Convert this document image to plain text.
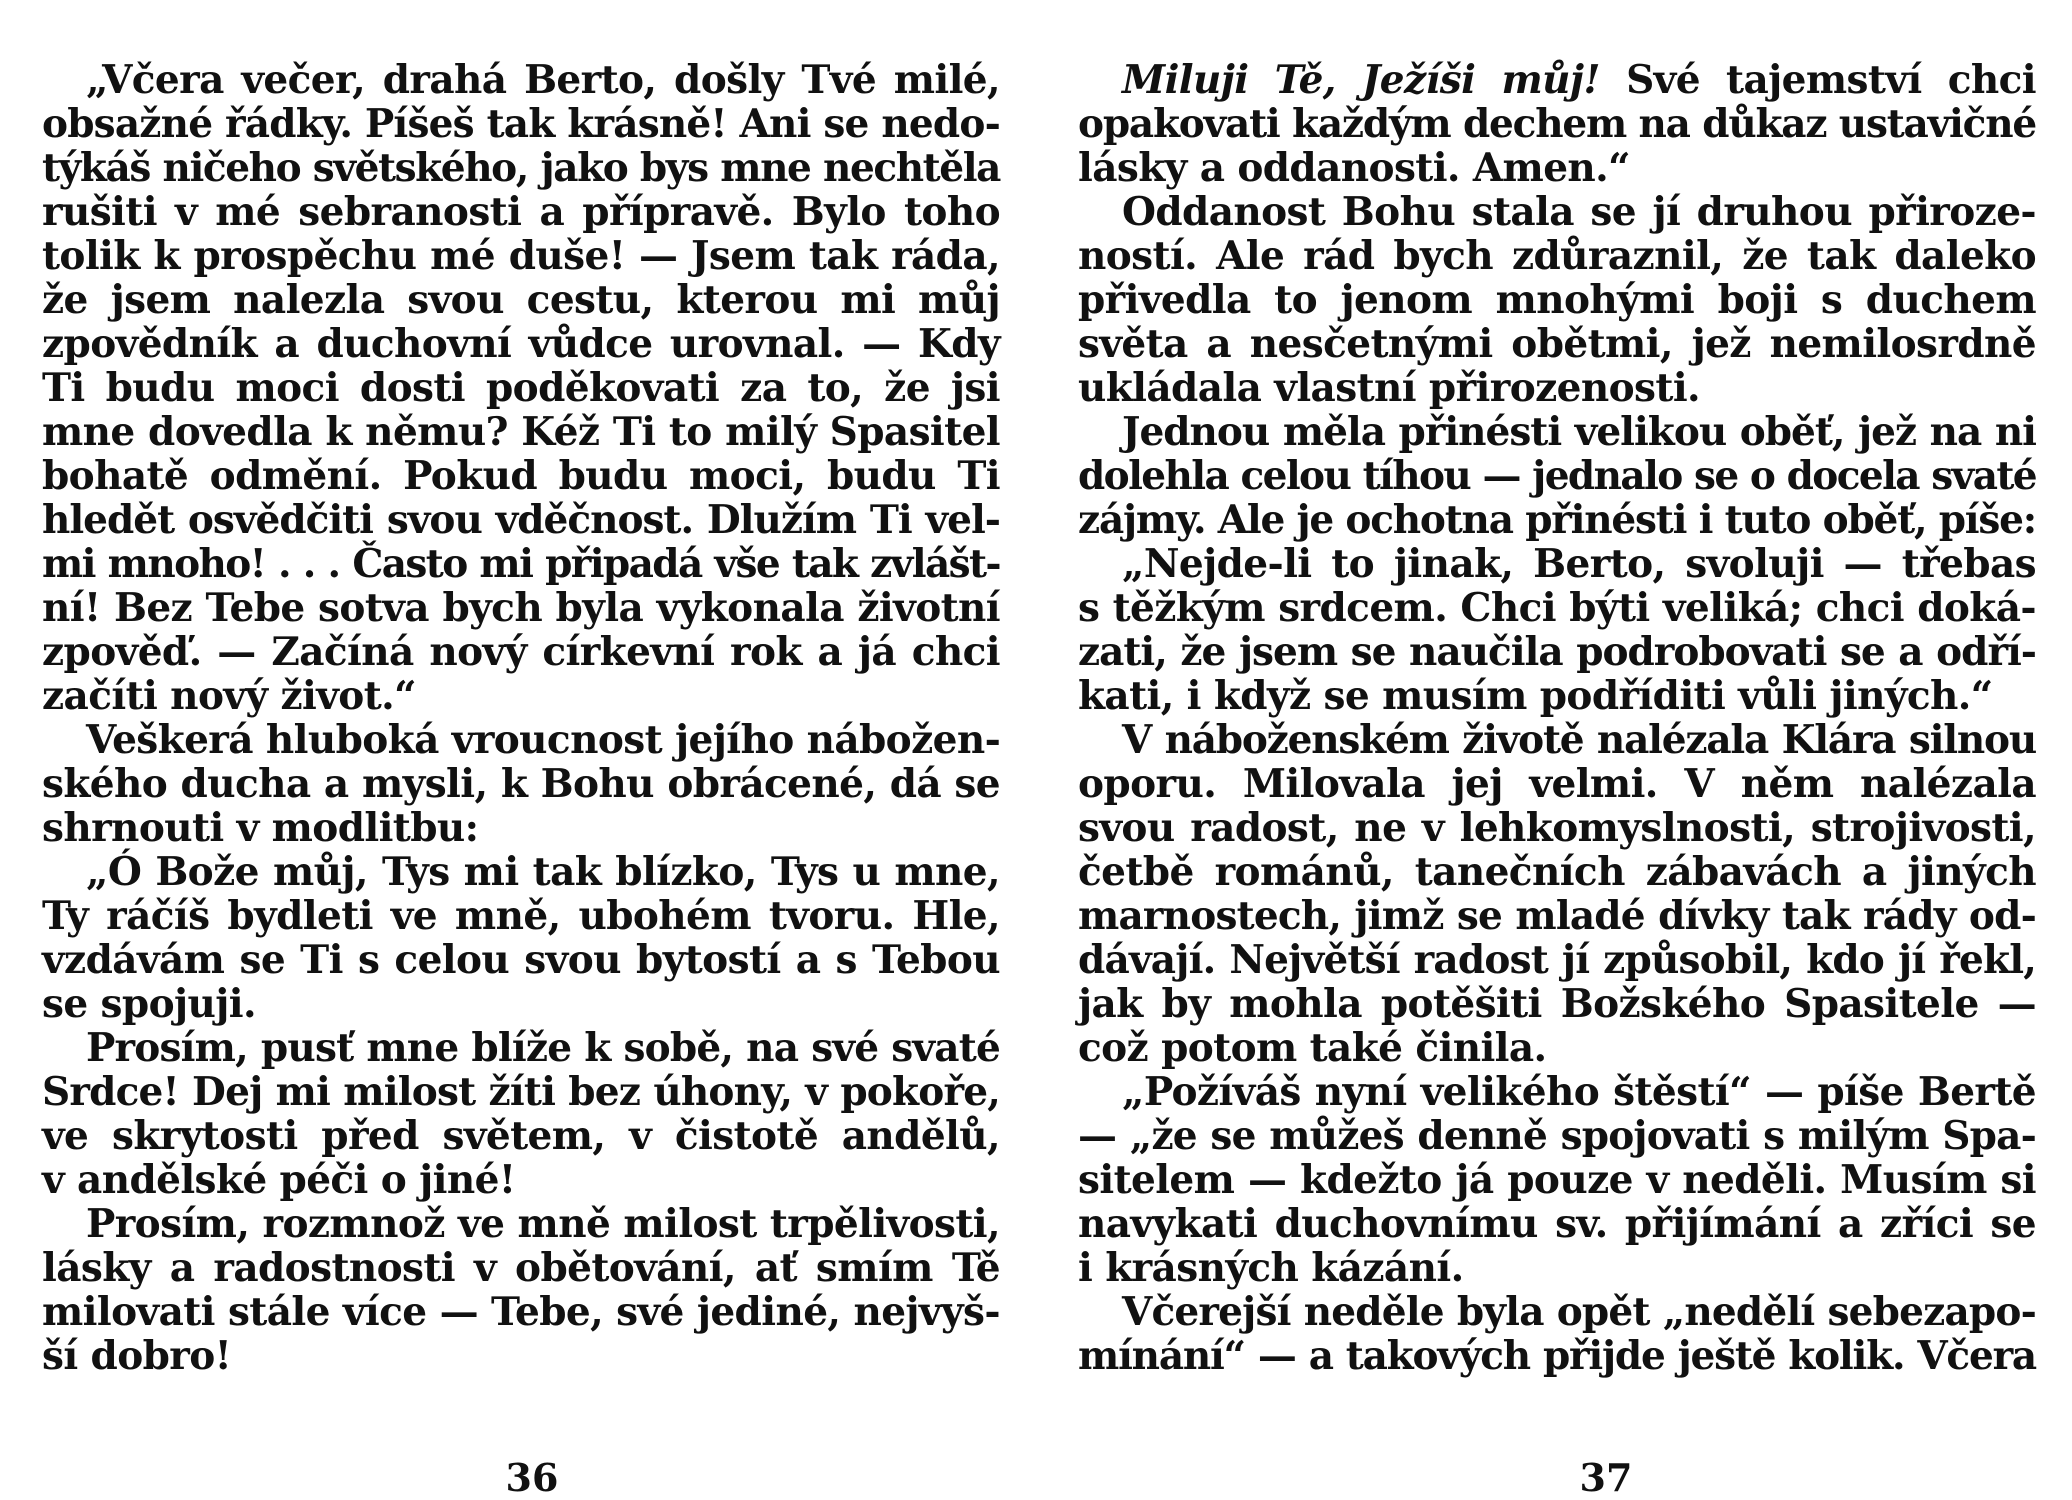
„Včera večer, drahá Berto, došly Tvé milé,
obsažné řádky. Píšeš tak krásně! Ani se nedo-
týkáš ničeho světského, jako bys mne nechtěla
rušiti v mé sebranosti a přípravě. Bylo toho
tolik k prospěchu mé duše! — Jsem tak ráda,
že jsem nalezla svou cestu, kterou mi můj
zpovědník a duchovní vůdce urovnal. — Kdy
Ti budu moci dosti poděkovati za to, že jsi
mne dovedla k němu? Kéž Ti to milý Spasitel
bohatě odmění. Pokud budu moci, budu Ti
hledět osvědčiti svou vděčnost. Dlužím Ti vel-
mi mnoho! . . . Často mi připadá vše tak zvlášt-
ní! Bez Tebe sotva bych byla vykonala životní
zpověď. — Začíná nový církevní rok a já chci
začíti nový život.“
Veškerá hluboká vroucnost jejího nábožen-
ského ducha a mysli, k Bohu obrácené, dá se
shrnouti v modlitbu:
„Ó Bože můj, Tys mi tak blízko, Tys u mne,
Ty ráčíš bydleti ve mně, ubohém tvoru. Hle,
vzdávám se Ti s celou svou bytostí a s Tebou
se spojuji.
Prosím, pusť mne blíže k sobě, na své svaté
Srdce! Dej mi milost žíti bez úhony, v pokoře,
ve skrytosti před světem, v čistotě andělů,
v andělské péči o jiné!
Prosím, rozmnož ve mně milost trpělivosti,
lásky a radostnosti v obětování, ať smím Tě
milovati stále více — Tebe, své jediné, nejvyš-
ší dobro!
36
Miluji Tě, Ježíši můj! Své tajemství chci
opakovati každým dechem na důkaz ustavičné
lásky a oddanosti. Amen.“
Oddanost Bohu stala se jí druhou přiroze-
ností. Ale rád bych zdůraznil, že tak daleko
přivedla to jenom mnohými boji s duchem
světa a nesčetnými obětmi, jež nemilosrdně
ukládala vlastní přirozenosti.
Jednou měla přinésti velikou oběť, jež na ni
dolehla celou tíhou — jednalo se o docela svaté
zájmy. Ale je ochotna přinésti i tuto oběť, píše:
„Nejde-li to jinak, Berto, svoluji — třebas
s těžkým srdcem. Chci býti veliká; chci doká-
zati, že jsem se naučila podrobovati se a odří-
kati, i když se musím podříditi vůli jiných.“
V náboženském životě nalézala Klára silnou
oporu. Milovala jej velmi. V něm nalézala
svou radost, ne v lehkomyslnosti, strojivosti,
četbě románů, tanečních zábavách a jiných
marnostech, jimž se mladé dívky tak rády od-
dávají. Největší radost jí způsobil, kdo jí řekl,
jak by mohla potěšiti Božského Spasitele —
což potom také činila.
„Požíváš nyní velikého štěstí“ — píše Bertě
— „že se můžeš denně spojovati s milým Spa-
sitelem — kdežto já pouze v neděli. Musím si
navykati duchovnímu sv. přijímání a zříci se
i krásných kázání.
Včerejší neděle byla opět „nedělí sebezapo-
mínání“ — a takových přijde ještě kolik. Včera
37
